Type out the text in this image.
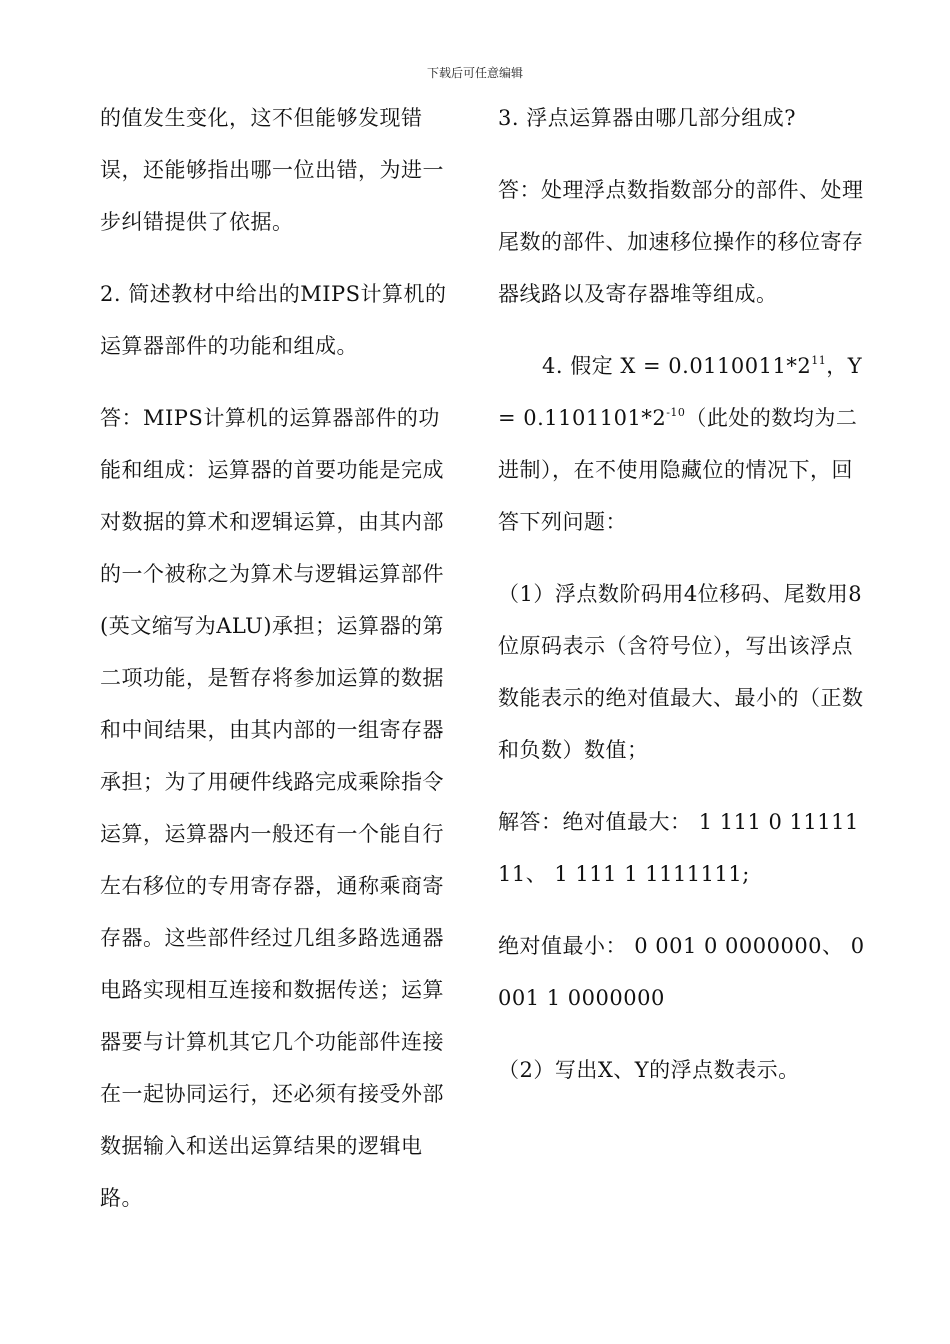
下载后可任意编辑

的值发生变化，这不但能够发现错误，还能够指出哪一位出错，为进一步纠错提供了依据。

2. 简述教材中给出的MIPS计算机的运算器部件的功能和组成。

答：MIPS计算机的运算器部件的功能和组成：运算器的首要功能是完成对数据的算术和逻辑运算，由其内部的一个被称之为算术与逻辑运算部件(英文缩写为ALU)承担；运算器的第二项功能，是暂存将参加运算的数据和中间结果，由其内部的一组寄存器承担；为了用硬件线路完成乘除指令运算，运算器内一般还有一个能自行左右移位的专用寄存器，通称乘商寄存器。这些部件经过几组多路选通器电路实现相互连接和数据传送；运算器要与计算机其它几个功能部件连接在一起协同运行，还必须有接受外部数据输入和送出运算结果的逻辑电路。

3. 浮点运算器由哪几部分组成?

答：处理浮点数指数部分的部件、处理尾数的部件、加速移位操作的移位寄存器线路以及寄存器堆等组成。

4. 假定 $X = 0.0110011*2^{11}$，$Y = 0.1101101*2^{-10}$（此处的数均为二进制），在不使用隐藏位的情况下，回答下列问题：

（1）浮点数阶码用4位移码、尾数用8位原码表示（含符号位），写出该浮点数能表示的绝对值最大、最小的（正数和负数）数值；

解答：绝对值最大： 1 111 0 1111111、 1 111 1 1111111;

绝对值最小： 0 001 0 0000000、 0 001 1 0000000

（2）写出X、Y的浮点数表示。
